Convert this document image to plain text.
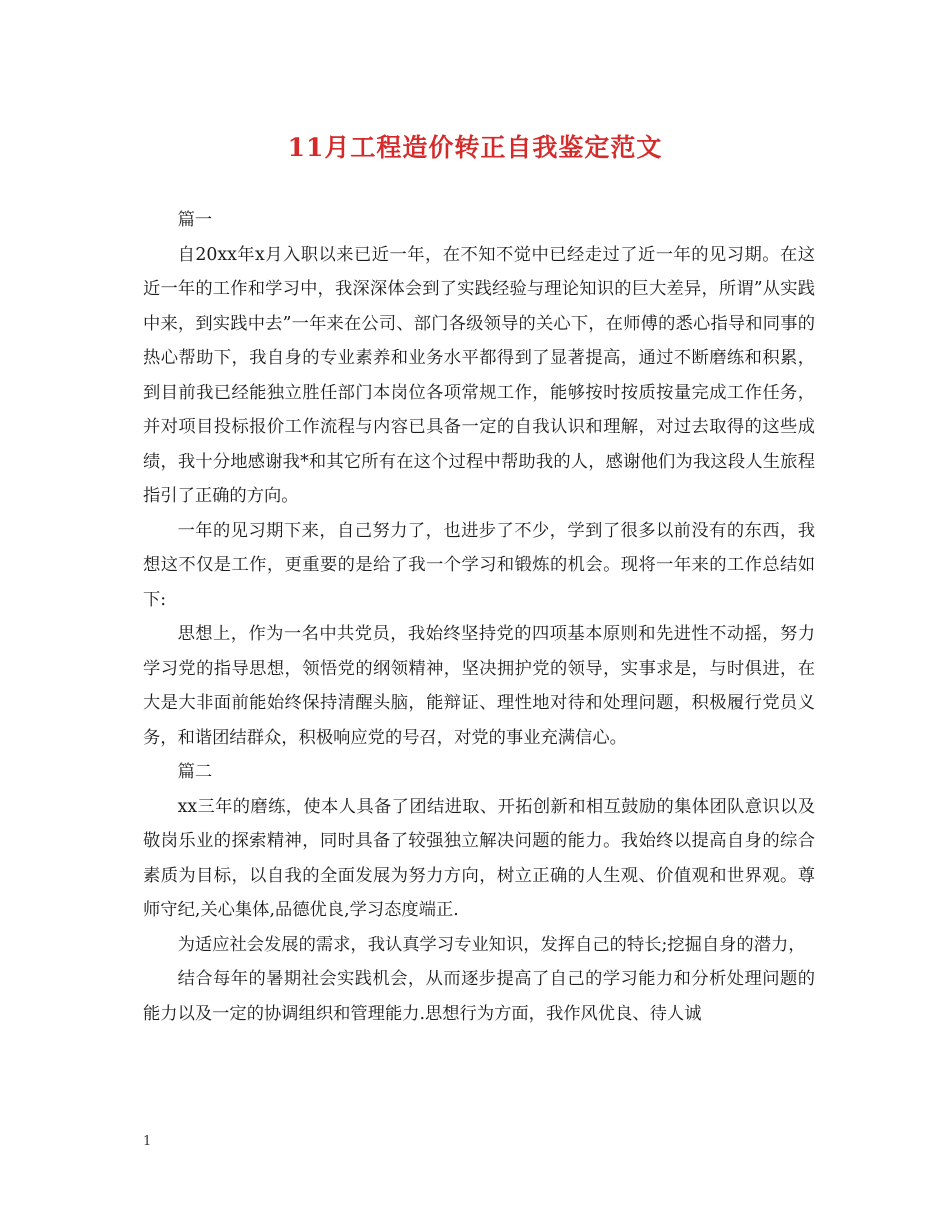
11月工程造价转正自我鉴定范文

篇一

自20xx年x月入职以来已近一年，在不知不觉中已经走过了近一年的见习期。在这近一年的工作和学习中，我深深体会到了实践经验与理论知识的巨大差异，所谓”从实践中来，到实践中去”一年来在公司、部门各级领导的关心下，在师傅的悉心指导和同事的热心帮助下，我自身的专业素养和业务水平都得到了显著提高，通过不断磨练和积累，到目前我已经能独立胜任部门本岗位各项常规工作，能够按时按质按量完成工作任务，并对项目投标报价工作流程与内容已具备一定的自我认识和理解，对过去取得的这些成绩，我十分地感谢我*和其它所有在这个过程中帮助我的人，感谢他们为我这段人生旅程指引了正确的方向。

一年的见习期下来，自己努力了，也进步了不少，学到了很多以前没有的东西，我想这不仅是工作，更重要的是给了我一个学习和锻炼的机会。现将一年来的工作总结如下:

思想上，作为一名中共党员，我始终坚持党的四项基本原则和先进性不动摇，努力学习党的指导思想，领悟党的纲领精神，坚决拥护党的领导，实事求是，与时俱进，在大是大非面前能始终保持清醒头脑，能辩证、理性地对待和处理问题，积极履行党员义务，和谐团结群众，积极响应党的号召，对党的事业充满信心。

篇二

xx三年的磨练，使本人具备了团结进取、开拓创新和相互鼓励的集体团队意识以及敬岗乐业的探索精神，同时具备了较强独立解决问题的能力。我始终以提高自身的综合素质为目标，以自我的全面发展为努力方向，树立正确的人生观、价值观和世界观。尊师守纪,关心集体,品德优良,学习态度端正.

为适应社会发展的需求，我认真学习专业知识，发挥自己的特长;挖掘自身的潜力，

结合每年的暑期社会实践机会，从而逐步提高了自己的学习能力和分析处理问题的能力以及一定的协调组织和管理能力.思想行为方面，我作风优良、待人诚

1
